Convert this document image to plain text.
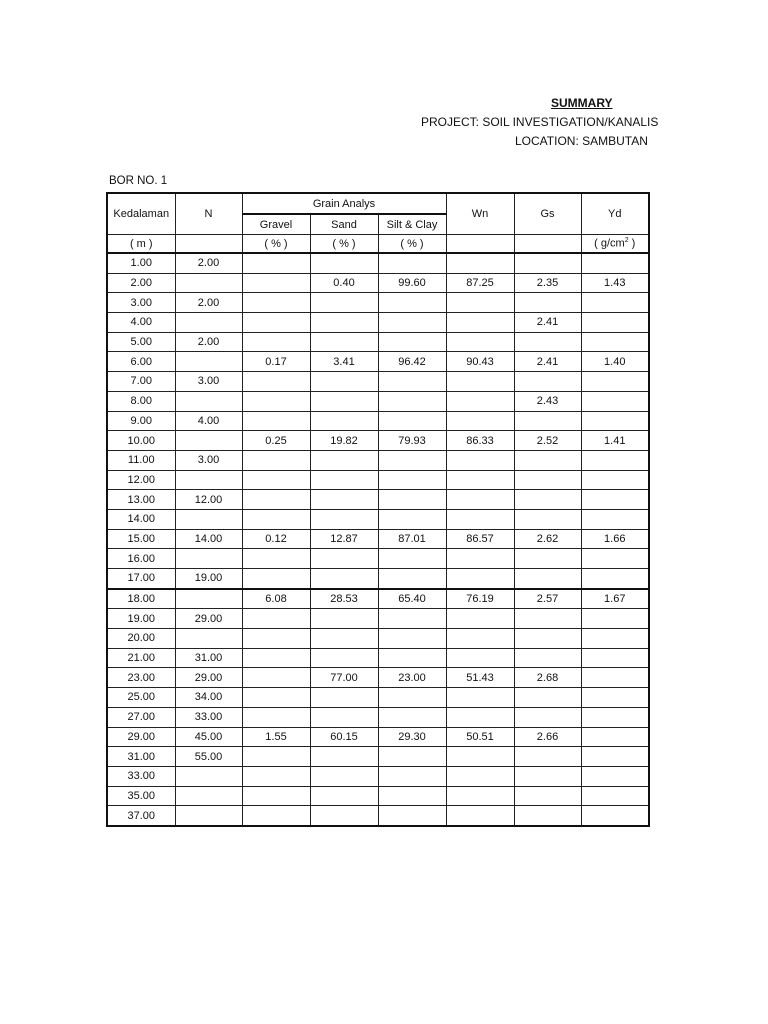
SUMMARY
PROJECT: SOIL INVESTIGATION/KANALIS
LOCATION: SAMBUTAN
BOR NO. 1
Kedalaman	N	Grain Analys			Wn	Gs	Yd
		Gravel	Sand	Silt & Clay			
( m )		( % )	( % )	( % )			( $g/cm^2$ )
1.00	2.00						
2.00			0.40	99.60	87.25	2.35	1.43
3.00	2.00						
4.00						2.41	
5.00	2.00						
6.00		0.17	3.41	96.42	90.43	2.41	1.40
7.00	3.00						
8.00						2.43	
9.00	4.00						
10.00		0.25	19.82	79.93	86.33	2.52	1.41
11.00	3.00						
12.00							
13.00	12.00						
14.00							
15.00	14.00	0.12	12.87	87.01	86.57	2.62	1.66
16.00							
17.00	19.00						
18.00		6.08	28.53	65.40	76.19	2.57	1.67
19.00	29.00						
20.00							
21.00	31.00						
23.00	29.00		77.00	23.00	51.43	2.68	
25.00	34.00						
27.00	33.00						
29.00	45.00	1.55	60.15	29.30	50.51	2.66	
31.00	55.00						
33.00							
35.00							
37.00							
